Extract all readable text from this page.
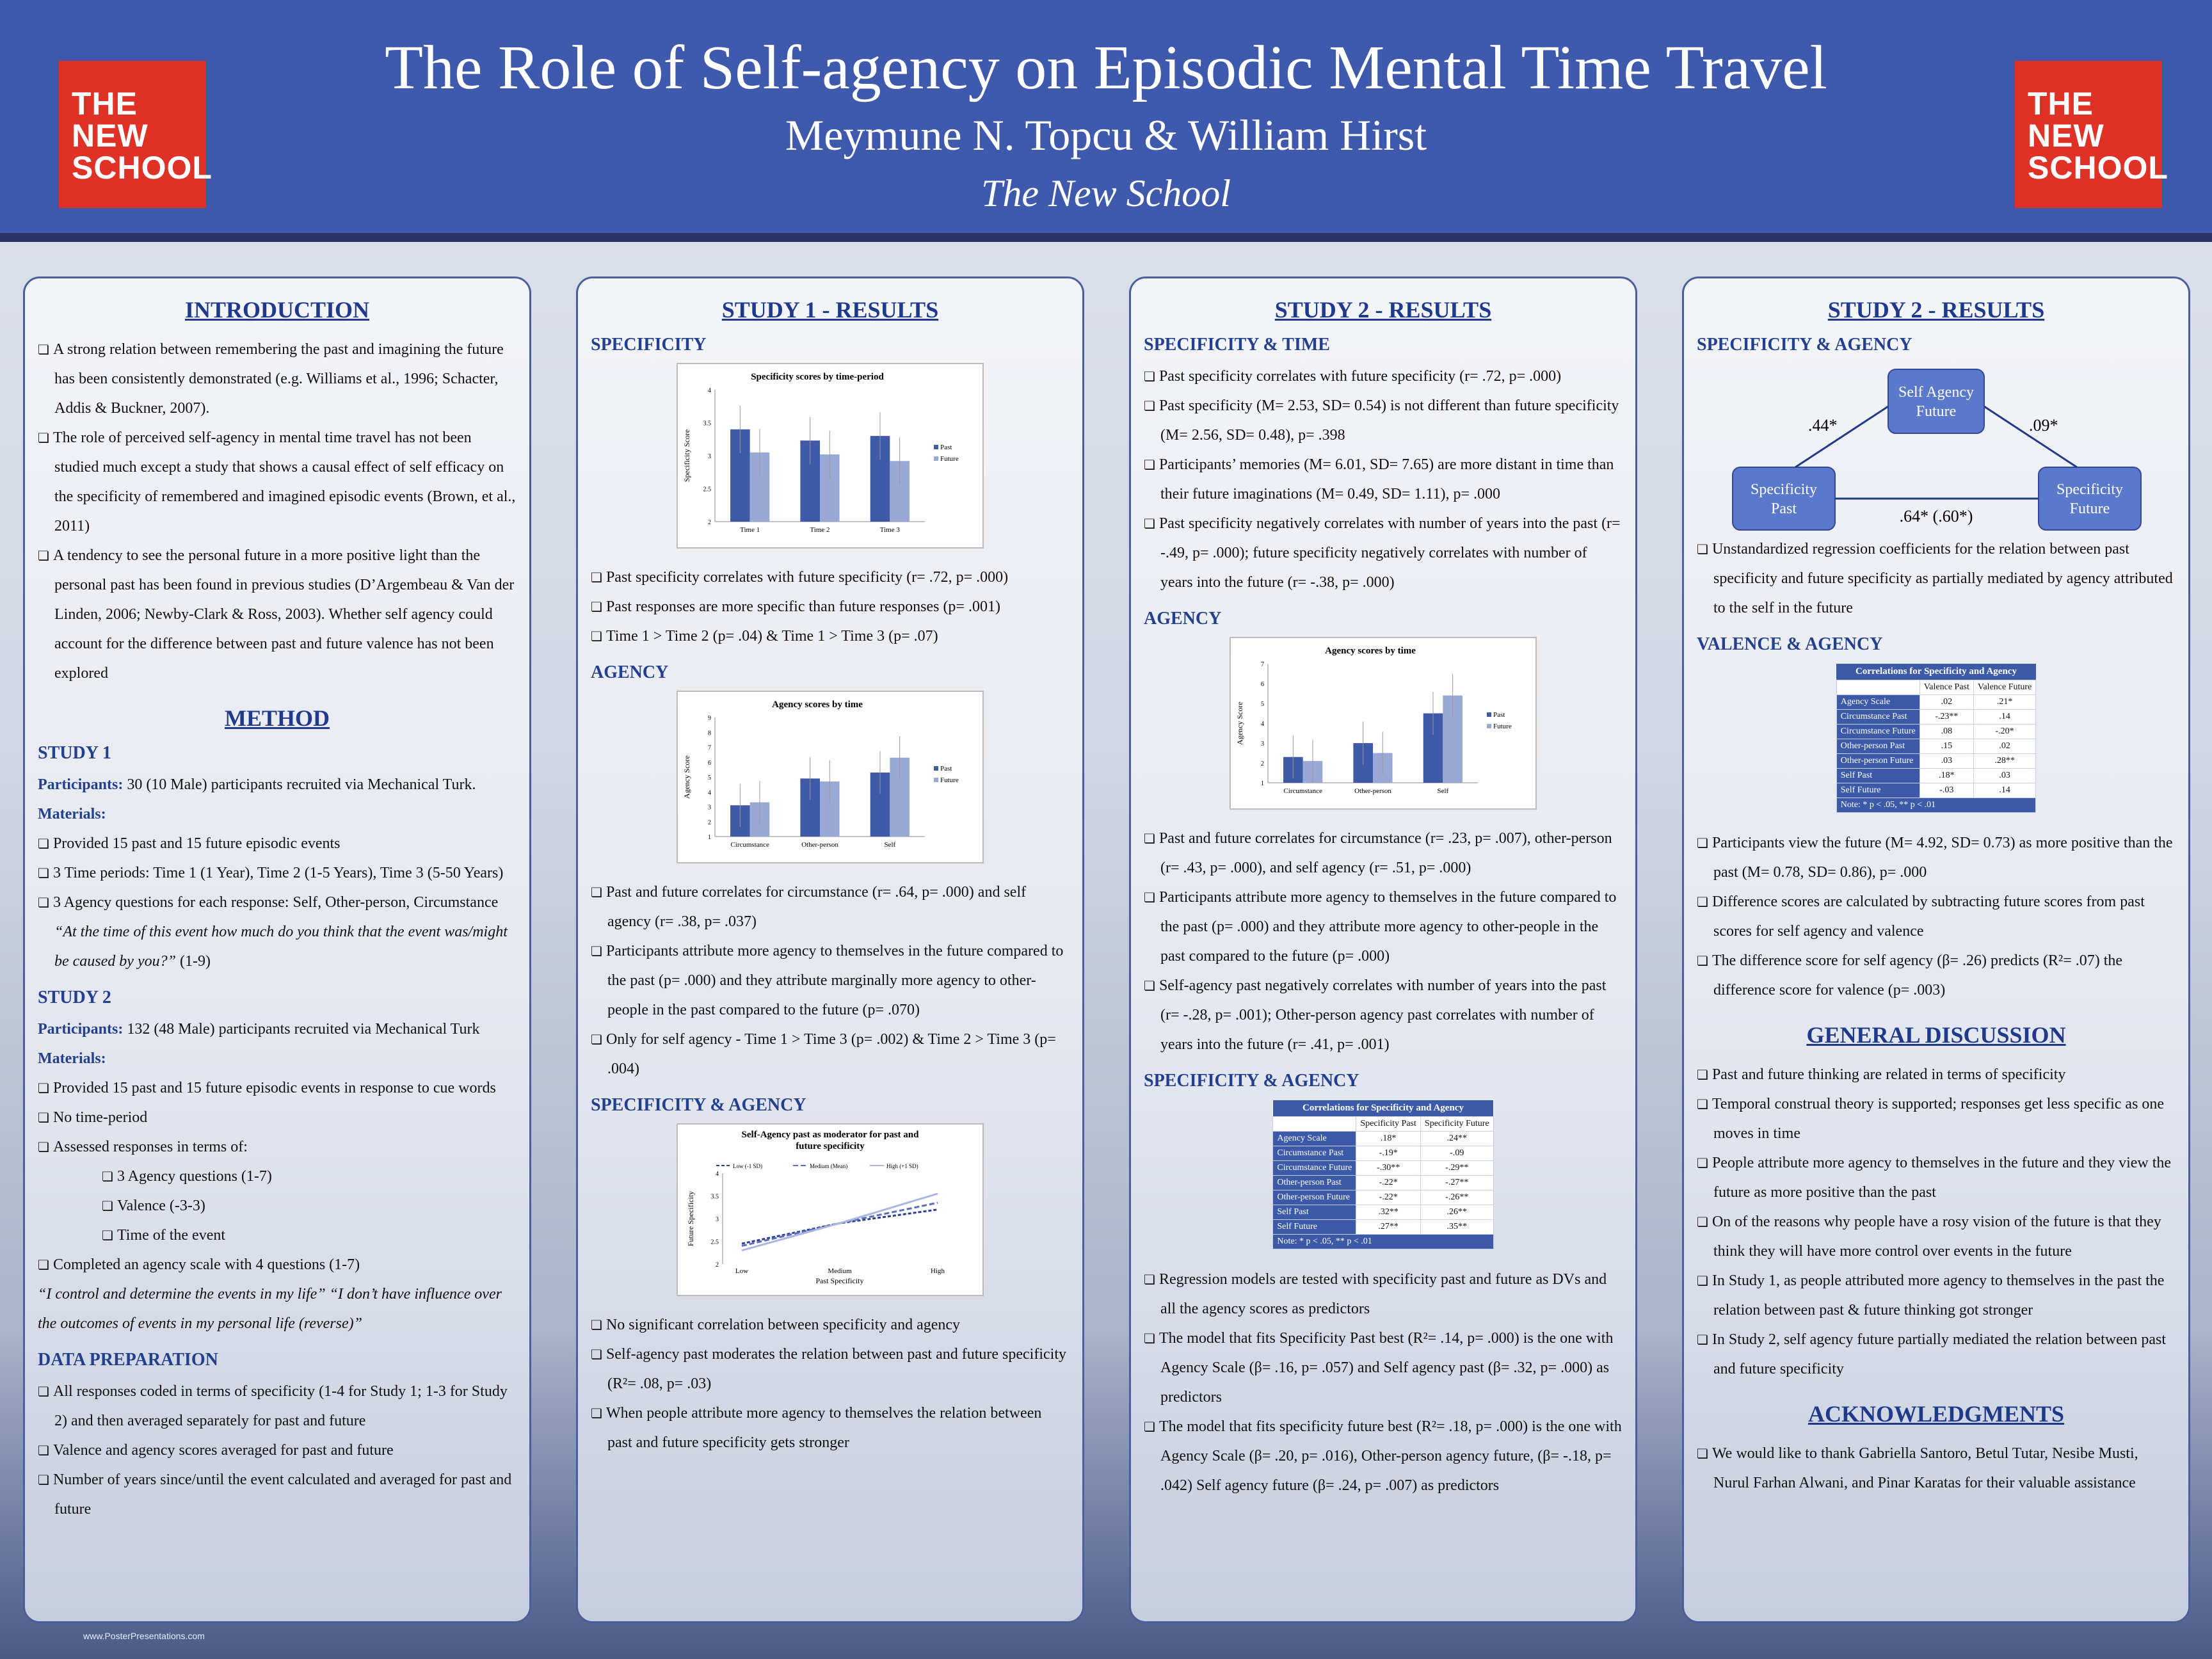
THE
NEW
SCHOOL
The Role of Self-agency on Episodic Mental Time Travel
Meymune N. Topcu & William Hirst
The New School
THE
NEW
SCHOOL
INTRODUCTION
❏ A strong relation between remembering the past and imagining the future has been consistently demonstrated (e.g. Williams et al., 1996; Schacter, Addis & Buckner, 2007).
❏ The role of perceived self-agency in mental time travel has not been studied much except a study that shows a causal effect of self efficacy on the specificity of remembered and imagined episodic events (Brown, et al., 2011)
❏ A tendency to see the personal future in a more positive light than the personal past has been found in previous studies (D’Argembeau & Van der Linden, 2006; Newby-Clark & Ross, 2003). Whether self agency could account for the difference between past and future valence has not been explored
METHOD
STUDY 1
Participants: 30 (10 Male) participants recruited via Mechanical Turk.
Materials:
❏ Provided 15 past and 15 future episodic events
❏ 3 Time periods: Time 1 (1 Year), Time 2 (1-5 Years), Time 3 (5-50 Years)
❏ 3 Agency questions for each response: Self, Other-person, Circumstance
“At the time of this event how much do you think that the event was/might be caused by you?” (1-9)
STUDY 2
Participants: 132 (48 Male) participants recruited via Mechanical Turk
Materials:
❏ Provided 15 past and 15 future episodic events in response to cue words
❏ No time-period
❏ Assessed responses in terms of:
❏ 3 Agency questions (1-7)
❏ Valence (-3-3)
❏ Time of the event
❏ Completed an agency scale with 4 questions (1-7)
“I control and determine the events in my life” “I don’t have influence over the outcomes of events in my personal life (reverse)”
DATA PREPARATION
❏ All responses coded in terms of specificity (1-4 for Study 1; 1-3 for Study 2) and then averaged separately for past and future
❏ Valence and agency scores averaged for past and future
❏ Number of years since/until the event calculated and averaged for past and future
STUDY 1 - RESULTS
SPECIFICITY
Specificity scores by time-period
2
2.5
3
3.5
4
Specificity Score
Time 1	Time 2	Time 3
Past
Future
❏ Past specificity correlates with future specificity (r= .72, p= .000)
❏ Past responses are more specific than future responses (p= .001)
❏ Time 1 > Time 2 (p= .04) & Time 1 > Time 3 (p= .07)
AGENCY
Agency scores by time
1
2
3
4
5
6
7
8
9
Agency Score
Circumstance	Other-person	Self
Past
Future
❏ Past and future correlates for circumstance (r= .64, p= .000) and self agency (r= .38, p= .037)
❏ Participants attribute more agency to themselves in the future compared to the past (p= .000) and they attribute marginally more agency to other-people in the past compared to the future (p= .070)
❏ Only for self agency - Time 1 > Time 3 (p= .002) & Time 2 > Time 3 (p= .004)
SPECIFICITY & AGENCY
Self-Agency past as moderator for past and
future specificity
Low (-1 SD)	Medium (Mean)	High (+1 SD)
2
2.5
3
3.5
4
Future Specificity
Low	Medium	High
Past Specificity
❏ No significant correlation between specificity and agency
❏ Self-agency past moderates the relation between past and future specificity (R²= .08, p= .03)
❏ When people attribute more agency to themselves the relation between past and future specificity gets stronger
STUDY 2 - RESULTS
SPECIFICITY & TIME
❏ Past specificity correlates with future specificity (r= .72, p= .000)
❏ Past specificity (M= 2.53, SD= 0.54) is not different than future specificity (M= 2.56, SD= 0.48), p= .398
❏ Participants’ memories (M= 6.01, SD= 7.65) are more distant in time than their future imaginations (M= 0.49, SD= 1.11), p= .000
❏ Past specificity negatively correlates with number of years into the past (r= -.49, p= .000); future specificity negatively correlates with number of years into the future (r= -.38, p= .000)
AGENCY
Agency scores by time
1
2
3
4
5
6
7
Agency Score
Circumstance	Other-person	Self
Past
Future
❏ Past and future correlates for circumstance (r= .23, p= .007), other-person (r= .43, p= .000), and self agency (r= .51, p= .000)
❏ Participants attribute more agency to themselves in the future compared to the past (p= .000) and they attribute more agency to other-people in the past compared to the future (p= .000)
❏ Self-agency past negatively correlates with number of years into the past (r= -.28, p= .001); Other-person agency past correlates with number of years into the future (r= .41, p= .001)
SPECIFICITY & AGENCY
Correlations for Specificity and Agency		
	Specificity Past	Specificity Future
Agency Scale	.18*	.24**
Circumstance Past	-.19*	-.09
Circumstance Future	-.30**	-.29**
Other-person Past	-.22*	-.27**
Other-person Future	-.22*	-.26**
Self Past	.32**	.26**
Self Future	.27**	.35**
Note: * p < .05, ** p < .01		
❏ Regression models are tested with specificity past and future as DVs and all the agency scores as predictors
❏ The model that fits Specificity Past best (R²= .14, p= .000) is the one with Agency Scale (β= .16, p= .057) and Self agency past (β= .32, p= .000) as predictors
❏ The model that fits specificity future best (R²= .18, p= .000) is the one with Agency Scale (β= .20, p= .016), Other-person agency future, (β= -.18, p= .042) Self agency future (β= .24, p= .007) as predictors
STUDY 2 - RESULTS
SPECIFICITY & AGENCY
Self Agency
Future
Specificity
Past
Specificity
Future
.44*	.09*
.64* (.60*)
❏ Unstandardized regression coefficients for the relation between past specificity and future specificity as partially mediated by agency attributed to the self in the future
VALENCE & AGENCY
Correlations for Specificity and Agency		
	Valence Past	Valence Future
Agency Scale	.02	.21*
Circumstance Past	-.23**	.14
Circumstance Future	.08	-.20*
Other-person Past	.15	.02
Other-person Future	.03	.28**
Self Past	.18*	.03
Self Future	-.03	.14
Note: * p < .05, ** p < .01		
❏ Participants view the future (M= 4.92, SD= 0.73) as more positive than the past (M= 0.78, SD= 0.86), p= .000
❏ Difference scores are calculated by subtracting future scores from past scores for self agency and valence
❏ The difference score for self agency (β= .26) predicts (R²= .07) the difference score for valence (p= .003)
GENERAL DISCUSSION
❏ Past and future thinking are related in terms of specificity
❏ Temporal construal theory is supported; responses get less specific as one moves in time
❏ People attribute more agency to themselves in the future and they view the future as more positive than the past
❏ On of the reasons why people have a rosy vision of the future is that they think they will have more control over events in the future
❏ In Study 1, as people attributed more agency to themselves in the past the relation between past & future thinking got stronger
❏ In Study 2, self agency future partially mediated the relation between past and future specificity
ACKNOWLEDGMENTS
❏ We would like to thank Gabriella Santoro, Betul Tutar, Nesibe Musti, Nurul Farhan Alwani, and Pinar Karatas for their valuable assistance
www.PosterPresentations.com
